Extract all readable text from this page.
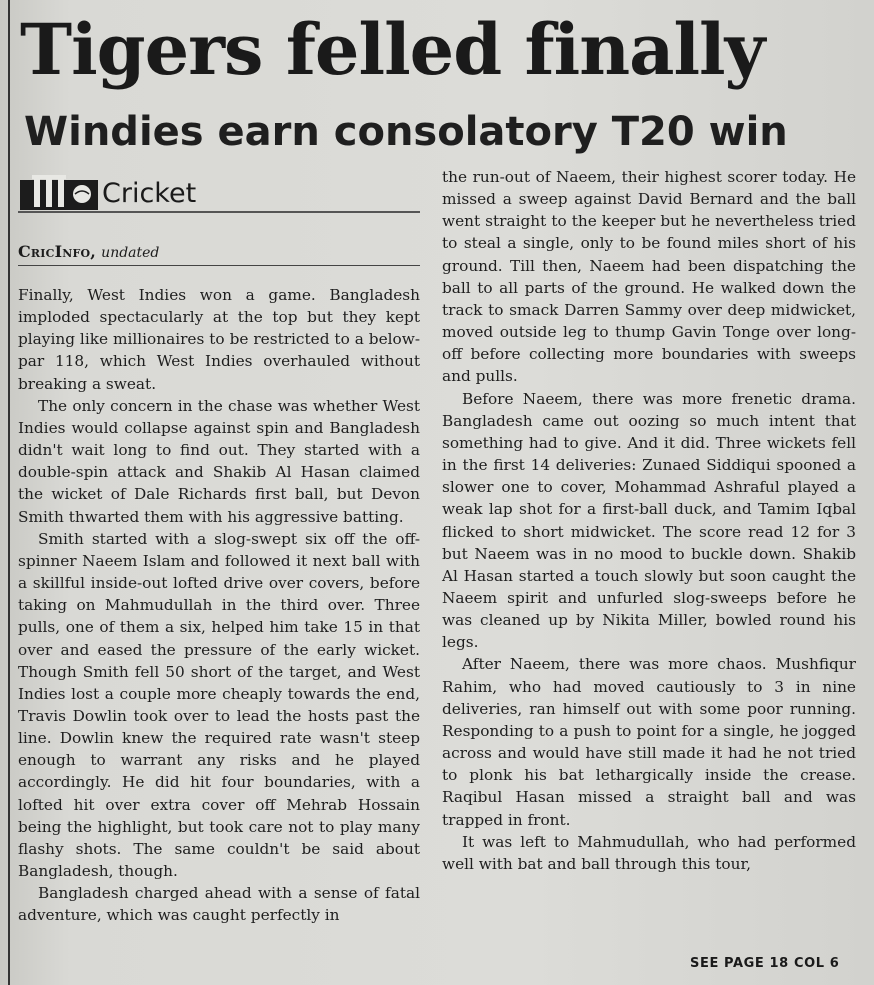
Tigers felled finally
Windies earn consolatory T20 win
Cricket
CricInfo, undated

Finally, West Indies won a game. Bangladesh imploded spectacularly at the top but they kept playing like millionaires to be restricted to a below-par 118, which West Indies overhauled without breaking a sweat.

The only concern in the chase was whether West Indies would collapse against spin and Bangladesh didn't wait long to find out. They started with a double-spin attack and Shakib Al Hasan claimed the wicket of Dale Richards first ball, but Devon Smith thwarted them with his aggressive batting.

Smith started with a slog-swept six off the off-spinner Naeem Islam and followed it next ball with a skillful inside-out lofted drive over covers, before taking on Mahmudullah in the third over. Three pulls, one of them a six, helped him take 15 in that over and eased the pressure of the early wicket. Though Smith fell 50 short of the target, and West Indies lost a couple more cheaply towards the end, Travis Dowlin took over to lead the hosts past the line. Dowlin knew the required rate wasn't steep enough to warrant any risks and he played accordingly. He did hit four boundaries, with a lofted hit over extra cover off Mehrab Hossain being the highlight, but took care not to play many flashy shots. The same couldn't be said about Bangladesh, though.

Bangladesh charged ahead with a sense of fatal adventure, which was caught perfectly in

the run-out of Naeem, their highest scorer today. He missed a sweep against David Bernard and the ball went straight to the keeper but he nevertheless tried to steal a single, only to be found miles short of his ground. Till then, Naeem had been dispatching the ball to all parts of the ground. He walked down the track to smack Darren Sammy over deep midwicket, moved outside leg to thump Gavin Tonge over long-off before collecting more boundaries with sweeps and pulls.

Before Naeem, there was more frenetic drama. Bangladesh came out oozing so much intent that something had to give. And it did. Three wickets fell in the first 14 deliveries: Zunaed Siddiqui spooned a slower one to cover, Mohammad Ashraful played a weak lap shot for a first-ball duck, and Tamim Iqbal flicked to short midwicket. The score read 12 for 3 but Naeem was in no mood to buckle down. Shakib Al Hasan started a touch slowly but soon caught the Naeem spirit and unfurled slog-sweeps before he was cleaned up by Nikita Miller, bowled round his legs.

After Naeem, there was more chaos. Mushfiqur Rahim, who had moved cautiously to 3 in nine deliveries, ran himself out with some poor running. Responding to a push to point for a single, he jogged across and would have still made it had he not tried to plonk his bat lethargically inside the crease. Raqibul Hasan missed a straight ball and was trapped in front.

It was left to Mahmudullah, who had performed well with bat and ball through this tour,

SEE PAGE 18 COL 6
